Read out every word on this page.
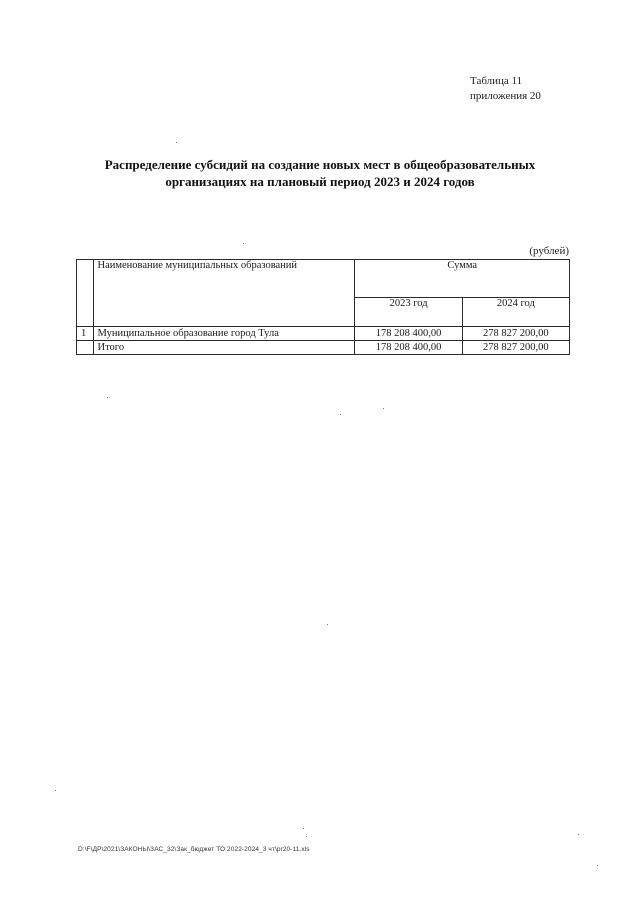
Таблица 11
приложения 20
Распределение субсидий на создание новых мест в общеобразовательных
организациях на плановый период 2023 и 2024 годов
(рублей)
	Наименование муниципальных образований	Сумма	
		2023 год	2024 год
1	Муниципальное образование город Тула	178 208 400,00	278 827 200,00
	Итого	178 208 400,00	278 827 200,00
D:\F\ДР\2021\ЗАКОНЫ\ЗАС_32\Зак_бюджет ТО 2022-2024_3 чт\pr20-11.xls
